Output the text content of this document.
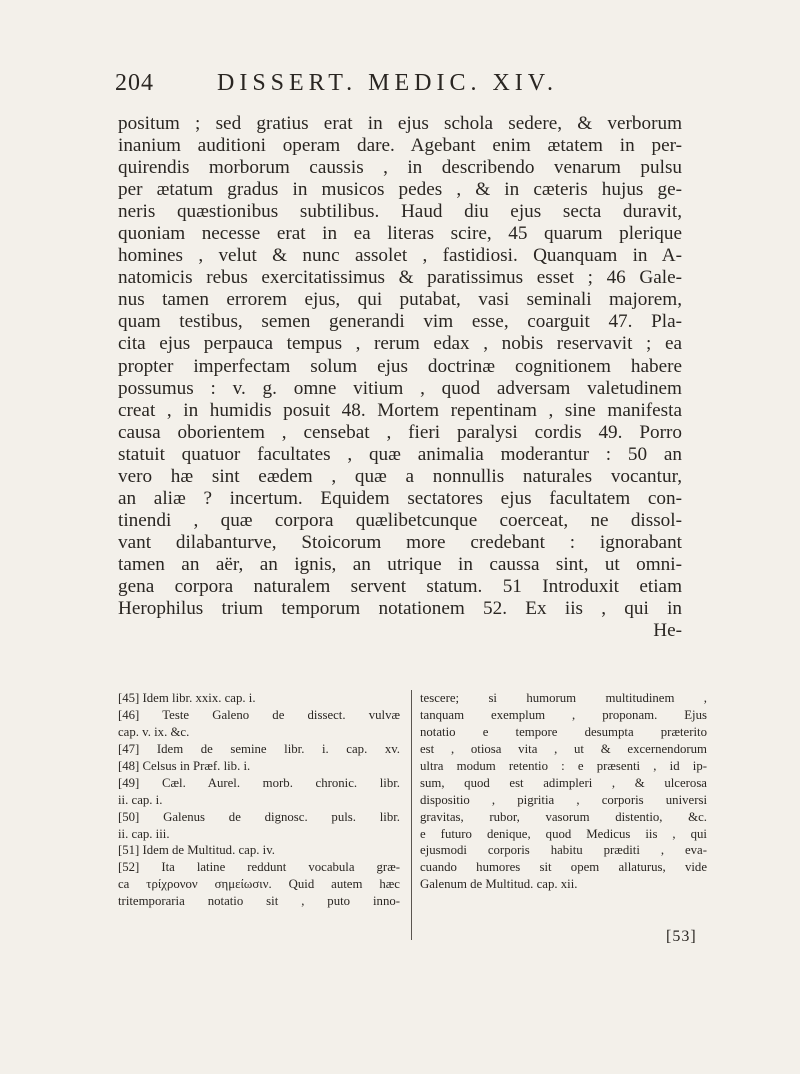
204	DISSERT. MEDIC. XIV.
positum ; sed gratius erat in ejus schola sedere, & verborum
inanium auditioni operam dare. Agebant enim ætatem in per-
quirendis morborum caussis , in describendo venarum pulsu
per ætatum gradus in musicos pedes , & in cæteris hujus ge-
neris quæstionibus subtilibus. Haud diu ejus secta duravit,
quoniam necesse erat in ea literas scire, 45 quarum plerique
homines , velut & nunc assolet , fastidiosi. Quanquam in A-
natomicis rebus exercitatissimus & paratissimus esset ; 46 Gale-
nus tamen errorem ejus, qui putabat, vasi seminali majorem,
quam testibus, semen generandi vim esse, coarguit 47. Pla-
cita ejus perpauca tempus , rerum edax , nobis reservavit ; ea
propter imperfectam solum ejus doctrinæ cognitionem habere
possumus : v. g. omne vitium , quod adversam valetudinem
creat , in humidis posuit 48. Mortem repentinam , sine manifesta
causa oborientem , censebat , fieri paralysi cordis 49. Porro
statuit quatuor facultates , quæ animalia moderantur : 50 an
vero hæ sint eædem , quæ a nonnullis naturales vocantur,
an aliæ ? incertum. Equidem sectatores ejus facultatem con-
tinendi , quæ corpora quælibetcunque coerceat, ne dissol-
vant dilabanturve, Stoicorum more credebant : ignorabant
tamen an aër, an ignis, an utrique in caussa sint, ut omni-
gena corpora naturalem servent statum. 51 Introduxit etiam
Herophilus trium temporum notationem 52. Ex iis , qui in
He-
[45] Idem libr. xxix. cap. i.
[46] Teste Galeno de dissect. vulvæ
cap. v. ix. &c.
[47] Idem de semine libr. i. cap. xv.
[48] Celsus in Præf. lib. i.
[49] Cæl. Aurel. morb. chronic. libr.
ii. cap. i.
[50] Galenus de dignosc. puls. libr.
ii. cap. iii.
[51] Idem de Multitud. cap. iv.
[52] Ita latine reddunt vocabula græ-
ca τρίχρονον σημείωσιν. Quid autem hæc
tritemporaria notatio sit , puto inno-
tescere; si humorum multitudinem ,
tanquam exemplum , proponam. Ejus
notatio e tempore desumpta præterito
est , otiosa vita , ut & excernendorum
ultra modum retentio : e præsenti , id ip-
sum, quod est adimpleri , & ulcerosa
dispositio , pigritia , corporis universi
gravitas, rubor, vasorum distentio, &c.
e futuro denique, quod Medicus iis , qui
ejusmodi corporis habitu præditi , eva-
cuando humores sit opem allaturus, vide
Galenum de Multitud. cap. xii.
[53]
